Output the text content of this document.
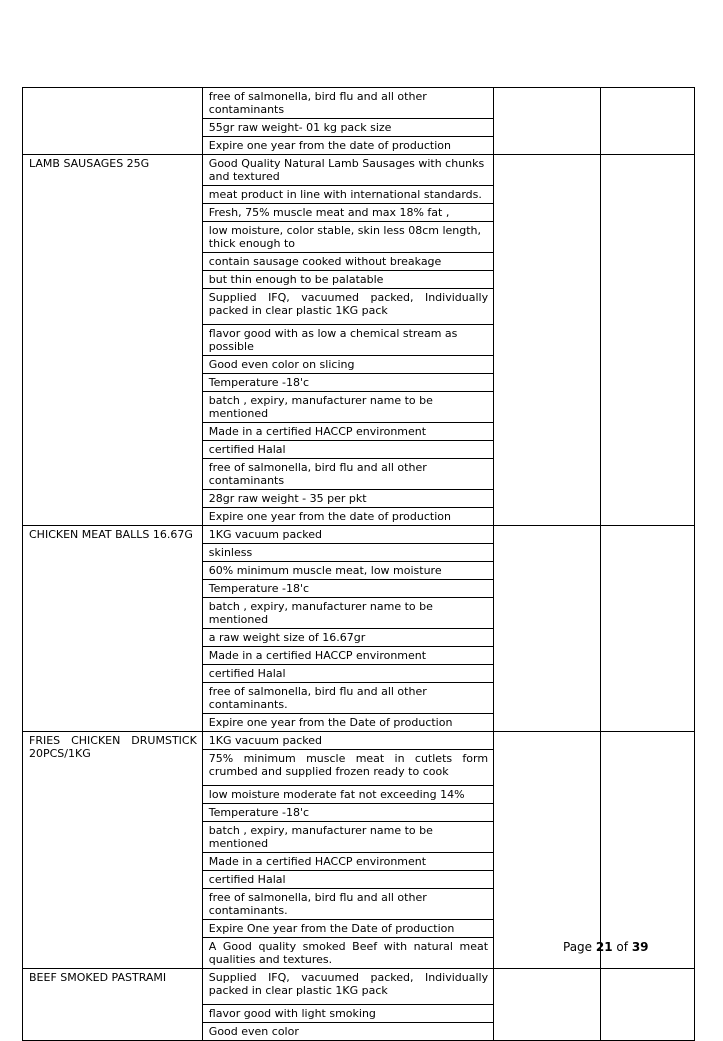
	free of salmonella, bird flu and all other contaminants		

	55gr raw weight- 01 kg pack size		

	Expire one year from the date of production		

LAMB SAUSAGES 25G	Good Quality Natural Lamb Sausages with chunks and textured		

	meat product in line with international standards.		

	Fresh, 75% muscle meat and max 18% fat ,		

	low moisture, color stable, skin less 08cm length, thick enough to		

	contain sausage cooked without breakage		

	but thin enough to be palatable		

	Supplied IFQ, vacuumed packed, Individually packed in clear plastic 1KG pack		

	flavor good with as low a chemical stream as possible		

	Good even color on slicing		

	Temperature -18'c		

	batch , expiry, manufacturer name to be mentioned		

	Made in a certified HACCP environment		

	certified Halal		

	free of salmonella, bird flu and all other contaminants		

	28gr raw weight - 35 per pkt		

	Expire one year from the date of production		

CHICKEN MEAT BALLS 16.67G	1KG vacuum packed		

	skinless		

	60% minimum muscle meat, low moisture		

	Temperature -18'c		

	batch , expiry, manufacturer name to be mentioned		

	a raw weight size of 16.67gr		

	Made in a certified HACCP environment		

	certified Halal		

	free of salmonella, bird flu and all other contaminants.		

	Expire one year from the Date of production		

FRIES CHICKEN DRUMSTICK 20PCS/1KG	1KG vacuum packed		

	75% minimum muscle meat in cutlets form crumbed and supplied frozen ready to cook		

	low moisture moderate fat not exceeding 14%		

	Temperature -18'c		

	batch , expiry, manufacturer name to be mentioned		

	Made in a certified HACCP environment		

	certified Halal		

	free of salmonella, bird flu and all other contaminants.		

	Expire One year from the Date of production		

	A Good quality smoked Beef with natural meat qualities and textures.		

BEEF SMOKED PASTRAMI	Supplied IFQ, vacuumed packed, Individually packed in clear plastic 1KG pack		

	flavor good with light smoking		

	Good even color		
Page 21 of 39
